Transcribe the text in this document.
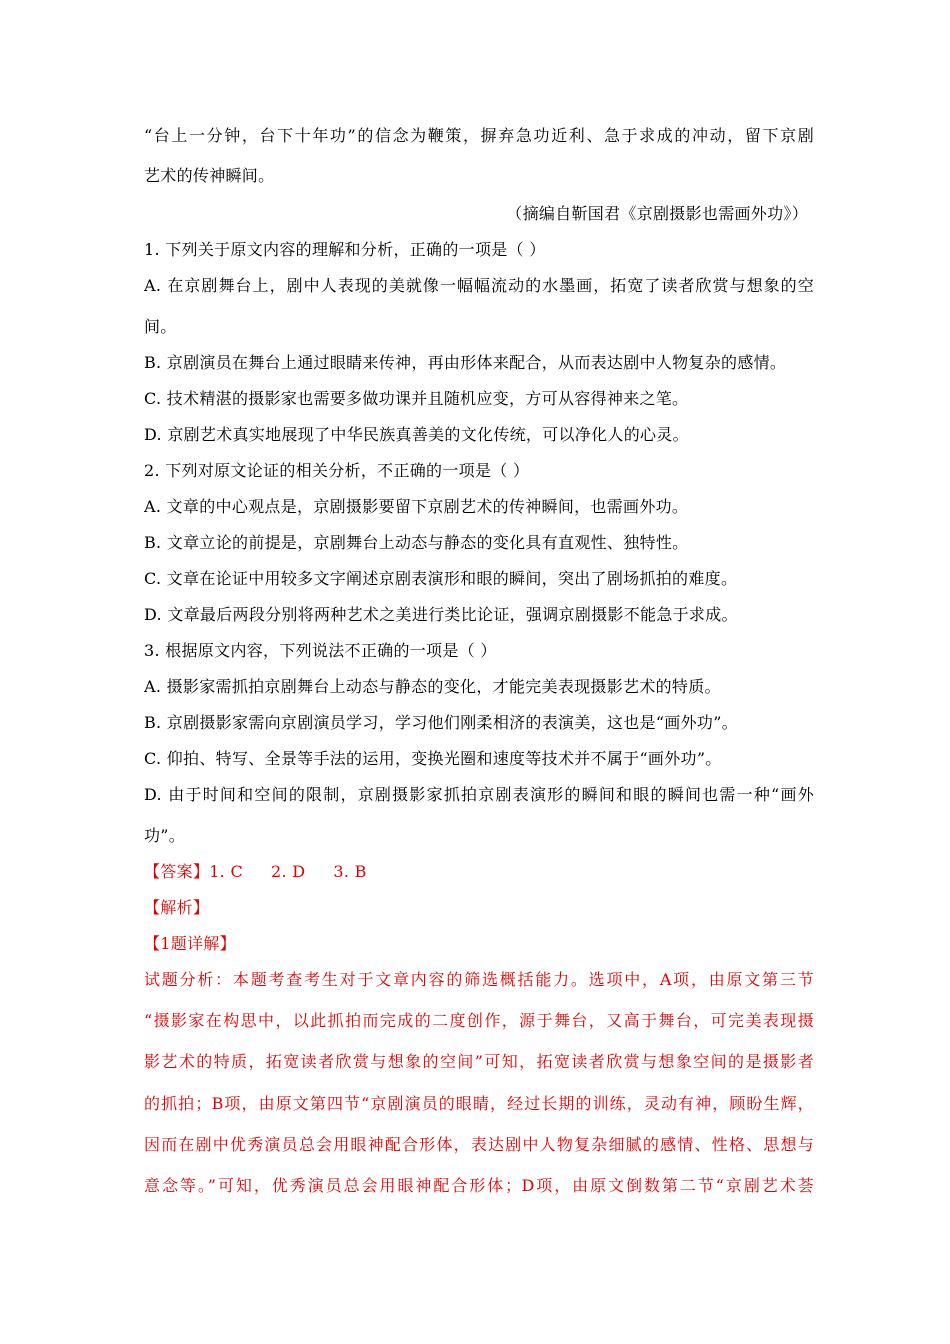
“台上一分钟，台下十年功”的信念为鞭策，摒弃急功近利、急于求成的冲动，留下京剧
艺术的传神瞬间。
（摘编自靳国君《京剧摄影也需画外功》）
1. 下列关于原文内容的理解和分析，正确的一项是（ ）
A. 在京剧舞台上，剧中人表现的美就像一幅幅流动的水墨画，拓宽了读者欣赏与想象的空
间。
B. 京剧演员在舞台上通过眼睛来传神，再由形体来配合，从而表达剧中人物复杂的感情。
C. 技术精湛的摄影家也需要多做功课并且随机应变，方可从容得神来之笔。
D. 京剧艺术真实地展现了中华民族真善美的文化传统，可以净化人的心灵。
2. 下列对原文论证的相关分析，不正确的一项是（ ）
A. 文章的中心观点是，京剧摄影要留下京剧艺术的传神瞬间，也需画外功。
B. 文章立论的前提是，京剧舞台上动态与静态的变化具有直观性、独特性。
C. 文章在论证中用较多文字阐述京剧表演形和眼的瞬间，突出了剧场抓拍的难度。
D. 文章最后两段分别将两种艺术之美进行类比论证，强调京剧摄影不能急于求成。
3. 根据原文内容，下列说法不正确的一项是（ ）
A. 摄影家需抓拍京剧舞台上动态与静态的变化，才能完美表现摄影艺术的特质。
B. 京剧摄影家需向京剧演员学习，学习他们刚柔相济的表演美，这也是“画外功”。
C. 仰拍、特写、全景等手法的运用，变换光圈和速度等技术并不属于“画外功”。
D. 由于时间和空间的限制，京剧摄影家抓拍京剧表演形的瞬间和眼的瞬间也需一种“画外
功”。
【答案】1. C 2. D 3. B
【解析】
【1题详解】
试题分析：本题考查考生对于文章内容的筛选概括能力。选项中，A项，由原文第三节
“摄影家在构思中，以此抓拍而完成的二度创作，源于舞台，又高于舞台，可完美表现摄
影艺术的特质，拓宽读者欣赏与想象的空间”可知，拓宽读者欣赏与想象空间的是摄影者
的抓拍；B项，由原文第四节“京剧演员的眼睛，经过长期的训练，灵动有神，顾盼生辉，
因而在剧中优秀演员总会用眼神配合形体，表达剧中人物复杂细腻的感情、性格、思想与
意念等。”可知，优秀演员总会用眼神配合形体；D项，由原文倒数第二节“京剧艺术荟
